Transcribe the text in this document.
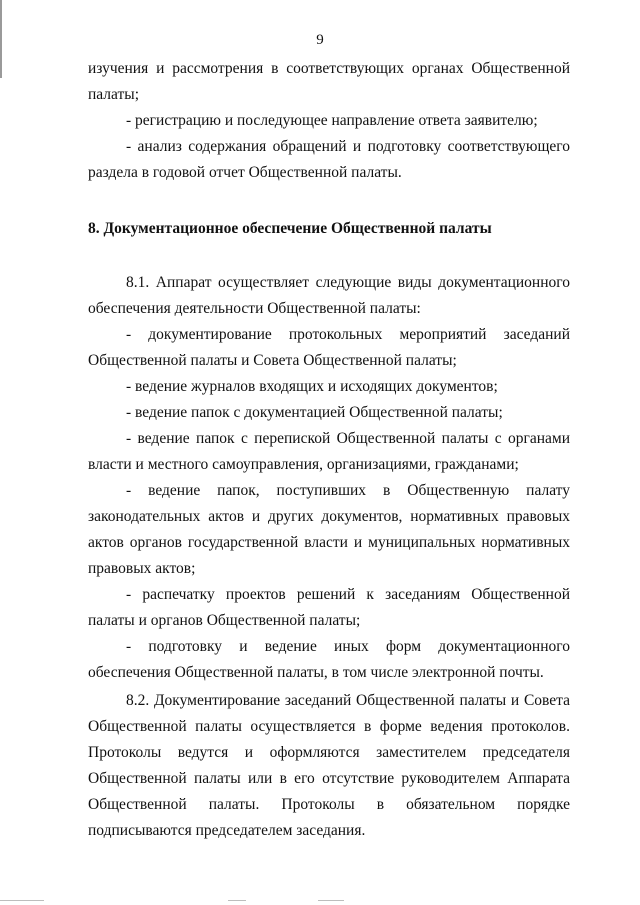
9

изучения и рассмотрения в соответствующих органах Общественной палаты;

- регистрацию и последующее направление ответа заявителю;

- анализ содержания обращений и подготовку соответствующего раздела в годовой отчет Общественной палаты.

8. Документационное обеспечение Общественной палаты

8.1. Аппарат осуществляет следующие виды документационного обеспечения деятельности Общественной палаты:

- документирование протокольных мероприятий заседаний Общественной палаты и Совета Общественной палаты;

- ведение журналов входящих и исходящих документов;

- ведение папок с документацией Общественной палаты;

- ведение папок с перепиской Общественной палаты с органами власти и местного самоуправления, организациями, гражданами;

- ведение папок, поступивших в Общественную палату законодательных актов и других документов, нормативных правовых актов органов государственной власти и муниципальных нормативных правовых актов;

- распечатку проектов решений к заседаниям Общественной палаты и органов Общественной палаты;

- подготовку и ведение иных форм документационного обеспечения Общественной палаты, в том числе электронной почты.

8.2. Документирование заседаний Общественной палаты и Совета Общественной палаты осуществляется в форме ведения протоколов. Протоколы ведутся и оформляются заместителем председателя Общественной палаты или в его отсутствие руководителем Аппарата Общественной палаты. Протоколы в обязательном порядке подписываются председателем заседания.
